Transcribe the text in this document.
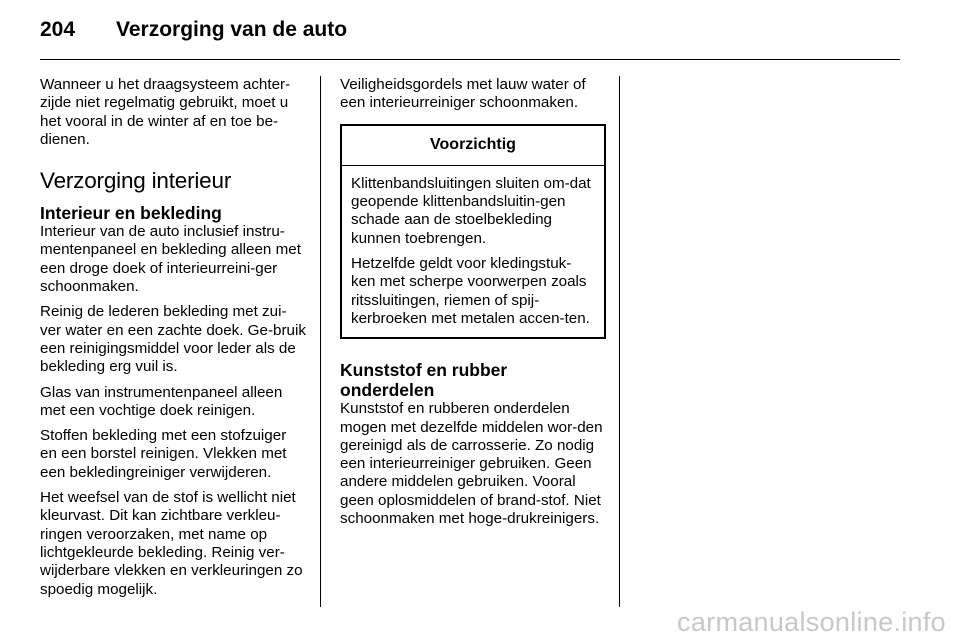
204 Verzorging van de auto

Wanneer u het draagsysteem achter-zijde niet regelmatig gebruikt, moet u het vooral in de winter af en toe be-dienen.

Verzorging interieur
Interieur en bekleding

Interieur van de auto inclusief instru-mentenpaneel en bekleding alleen met een droge doek of interieurreini-ger schoonmaken.

Reinig de lederen bekleding met zui-ver water en een zachte doek. Ge-bruik een reinigingsmiddel voor leder als de bekleding erg vuil is.

Glas van instrumentenpaneel alleen met een vochtige doek reinigen.

Stoffen bekleding met een stofzuiger en een borstel reinigen. Vlekken met een bekledingreiniger verwijderen.

Het weefsel van de stof is wellicht niet kleurvast. Dit kan zichtbare verkleu-ringen veroorzaken, met name op lichtgekleurde bekleding. Reinig ver-wijderbare vlekken en verkleuringen zo spoedig mogelijk.

Veiligheidsgordels met lauw water of een interieurreiniger schoonmaken.

Voorzichtig

Klittenbandsluitingen sluiten om-dat geopende klittenbandsluitin-gen schade aan de stoelbekleding kunnen toebrengen.

Hetzelfde geldt voor kledingstuk-ken met scherpe voorwerpen zoals ritssluitingen, riemen of spij-kerbroeken met metalen accen-ten.

Kunststof en rubber onderdelen

Kunststof en rubberen onderdelen mogen met dezelfde middelen wor-den gereinigd als de carrosserie. Zo nodig een interieurreiniger gebruiken. Geen andere middelen gebruiken. Vooral geen oplosmiddelen of brand-stof. Niet schoonmaken met hoge-drukreinigers.

carmanualsonline.info
